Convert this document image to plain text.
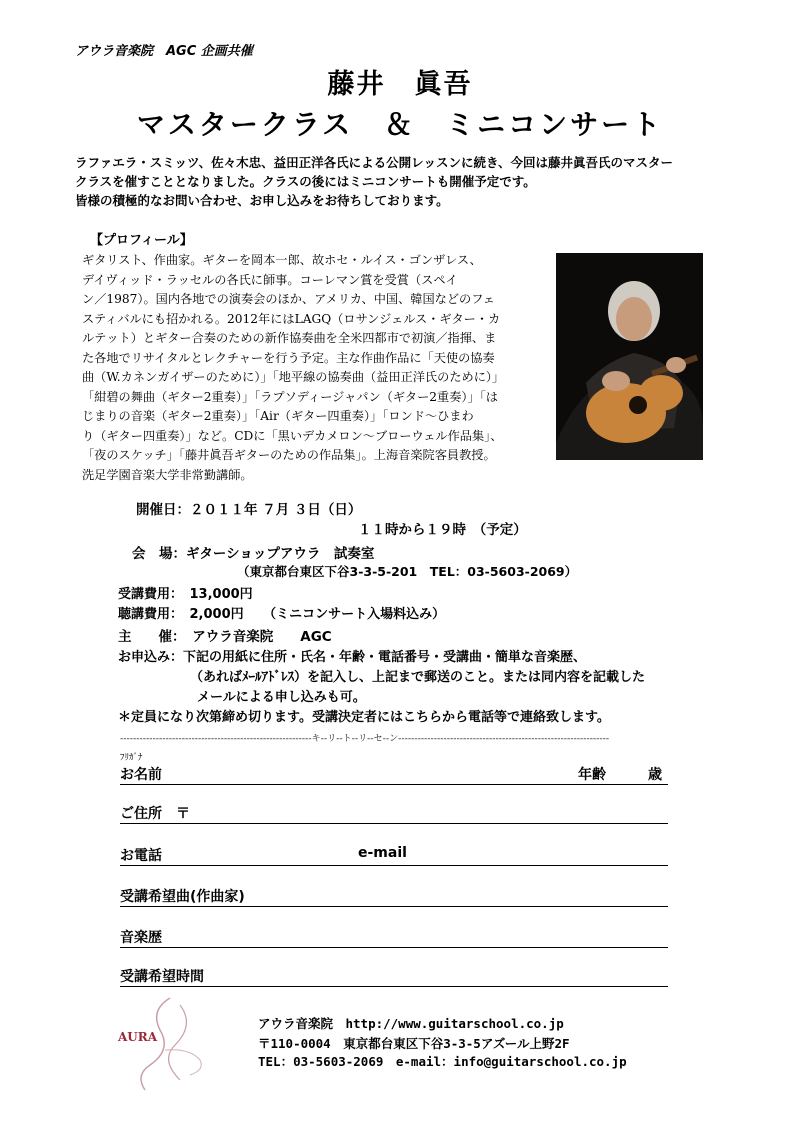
アウラ音楽院　AGC 企画共催
藤井　眞吾
マスタークラス　＆　ミニコンサート
ラファエラ・スミッツ、佐々木忠、益田正洋各氏による公開レッスンに続き、今回は藤井眞吾氏のマスター
クラスを催すこととなりました。クラスの後にはミニコンサートも開催予定です。
皆様の積極的なお問い合わせ、お申し込みをお待ちしております。
【プロフィール】
ギタリスト、作曲家。ギターを岡本一郎、故ホセ・ルイス・ゴンザレス、
デイヴィッド・ラッセルの各氏に師事。コーレマン賞を受賞（スペイ
ン／1987）。国内各地での演奏会のほか、アメリカ、中国、韓国などのフェ
スティバルにも招かれる。2012年にはLAGQ（ロサンジェルス・ギター・カ
ルテット）とギター合奏のための新作協奏曲を全米四都市で初演／指揮、ま
た各地でリサイタルとレクチャーを行う予定。主な作曲作品に「天使の協奏
曲（W.カネンガイザーのために）」「地平線の協奏曲（益田正洋氏のために）」
「紺碧の舞曲（ギター2重奏）」「ラプソディージャパン（ギター2重奏）」「は
じまりの音楽（ギター2重奏）」「Air（ギター四重奏）」「ロンド〜ひまわ
り（ギター四重奏）」など。CDに「黒いデカメロン〜ブローウェル作品集」、
「夜のスケッチ」「藤井眞吾ギターのための作品集」。上海音楽院客員教授。
洗足学園音楽大学非常勤講師。
開催日：２０１１年 ７月 ３日（日）
１１時から１９時　（予定）
会　場：ギターショップアウラ　試奏室
（東京都台東区下谷3-3-5-201　TEL：03-5603-2069）
受講費用：　13,000円
聴講費用：　2,000円　　（ミニコンサート入場料込み）
主　　催：　アウラ音楽院　　AGC
お申込み：下記の用紙に住所・氏名・年齢・電話番号・受講曲・簡単な音楽歴、
（あればﾒｰﾙｱﾄﾞﾚｽ）を記入し、上記まで郵送のこと。または同内容を記載した
メールによる申し込みも可。
＊定員になり次第締め切ります。受講決定者にはこちらから電話等で連絡致します。
-----------------------------------------------------------キ--リ--ト--リ--セ--ン-----------------------------------------------------------------
ﾌﾘｶﾞﾅ
お名前	年齢　　　歳
ご住所　〒
お電話	e-mail
受講希望曲(作曲家)
音楽歴
受講希望時間
AURA
アウラ音楽院　http://www.guitarschool.co.jp
〒110-0004　東京都台東区下谷3-3-5アズール上野2F
TEL：03-5603-2069　e-mail：info@guitarschool.co.jp
